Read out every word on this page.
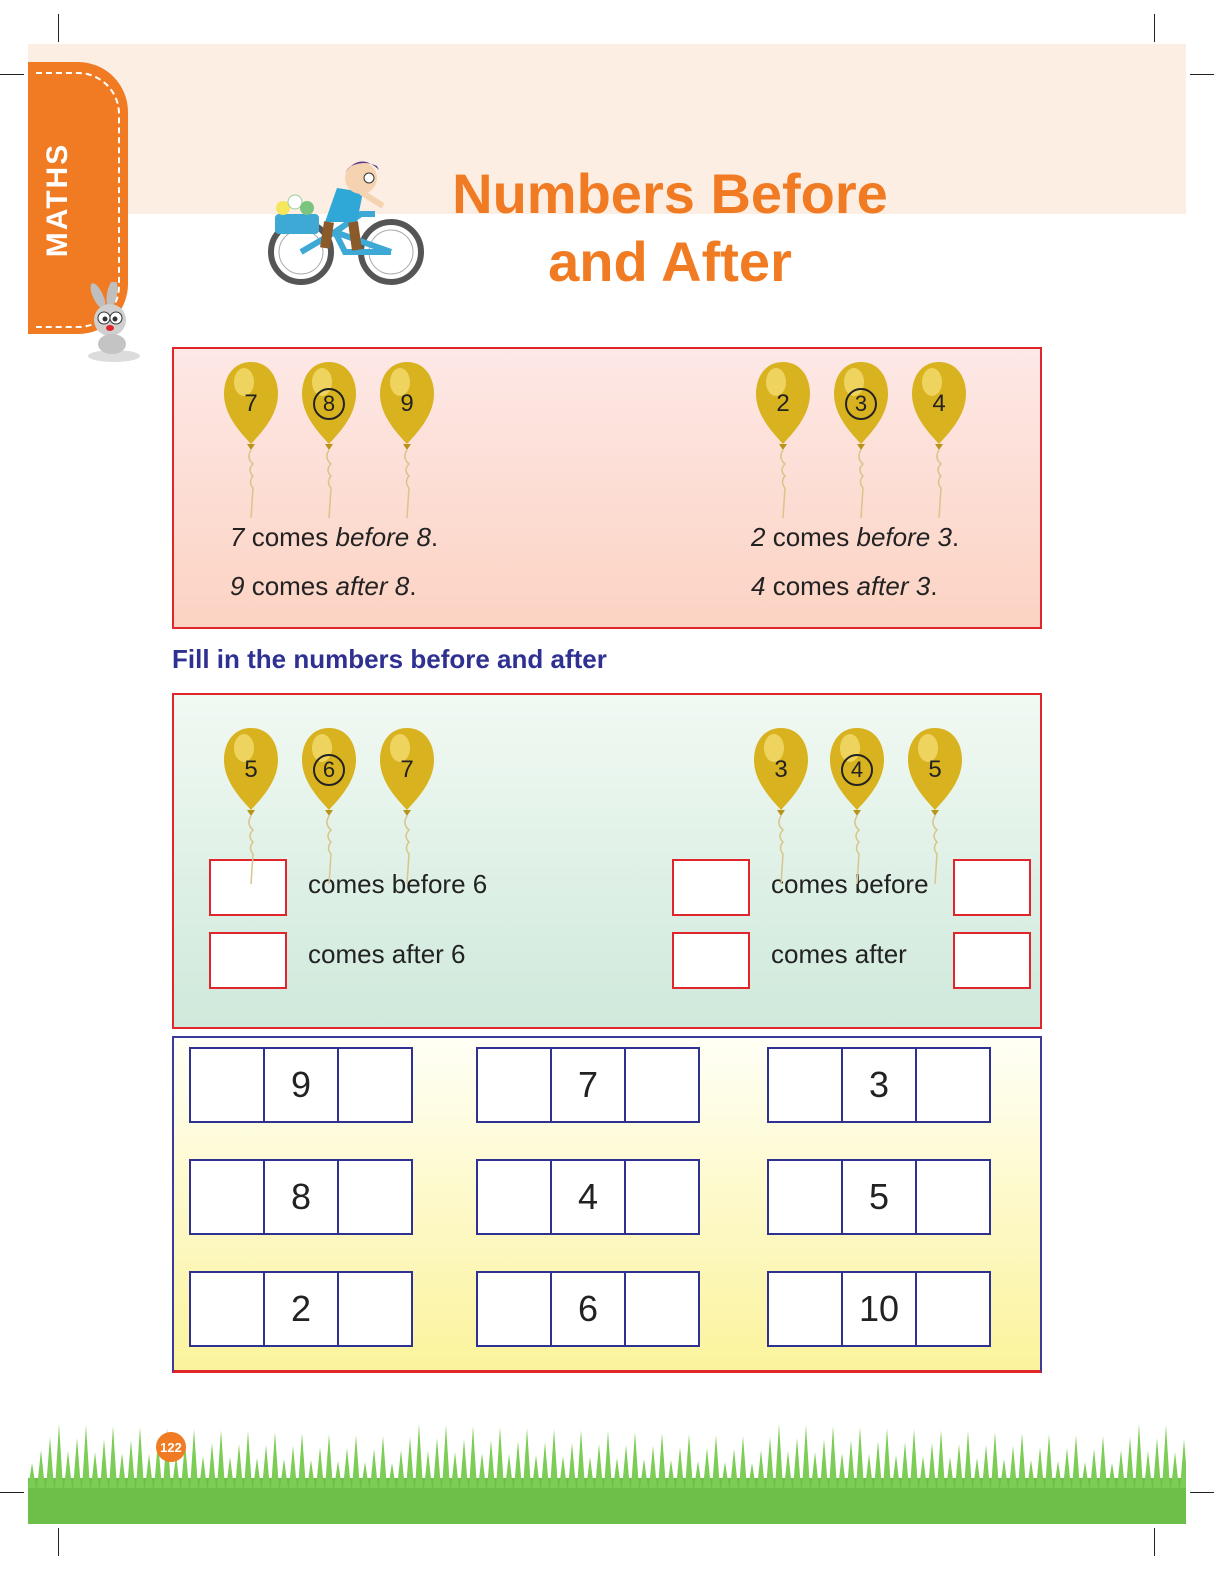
MATHS	Numbers Before
and After
7 comes before 8.
9 comes after 8.
2 comes before 3.
4 comes after 3.
Fill in the numbers before and after
comes before 6
comes after 6
comes before
comes after
122
7	8	9	2	3	4
5	6	7	3	4	5
9	7	3
8	4	5
2	6	10
